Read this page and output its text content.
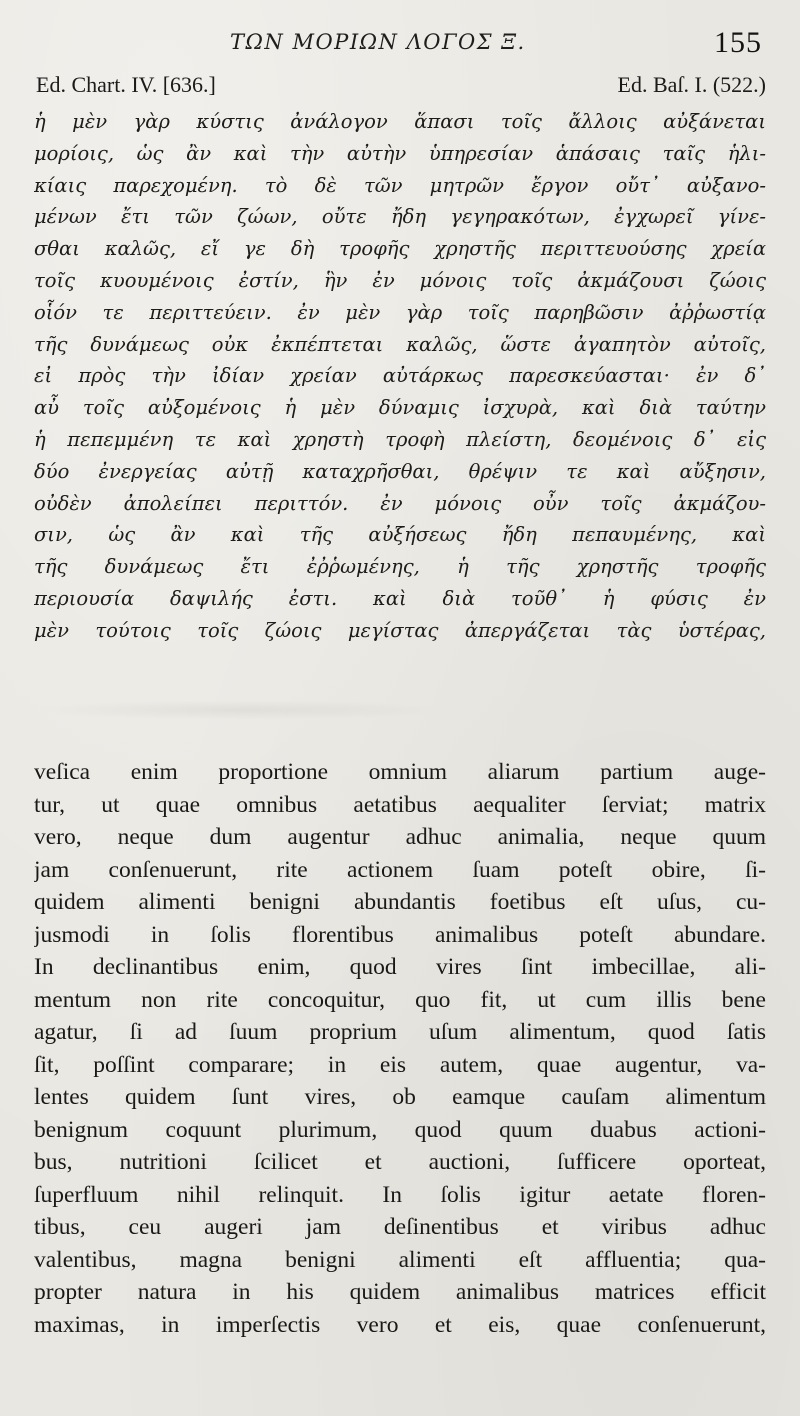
ΤΩΝ ΜΟΡΙΩΝ ΛΟΓΟΣ Ξ.	155
Ed. Chart. IV. [636.]	Ed. Baſ. I. (522.)
ἡ μὲν γὰρ κύστις ἀνάλογον ἅπασι τοῖς ἄλλοις αὐξάνεται
μορίοις, ὡς ἂν καὶ τὴν αὐτὴν ὑπηρεσίαν ἁπάσαις ταῖς ἡλι-
κίαις παρεχομένη. τὸ δὲ τῶν μητρῶν ἔργον οὔτ᾽ αὐξανο-
μένων ἔτι τῶν ζώων, οὔτε ἤδη γεγηρακότων, ἐγχωρεῖ γίνε-
σθαι καλῶς, εἴ γε δὴ τροφῆς χρηστῆς περιττευούσης χρεία
τοῖς κυουμένοις ἐστίν, ἣν ἐν μόνοις τοῖς ἀκμάζουσι ζώοις
οἷόν τε περιττεύειν. ἐν μὲν γὰρ τοῖς παρηβῶσιν ἀῤῥωστίᾳ
τῆς δυνάμεως οὐκ ἐκπέπτεται καλῶς, ὥστε ἀγαπητὸν αὐτοῖς,
εἰ πρὸς τὴν ἰδίαν χρείαν αὐτάρκως παρεσκεύασται· ἐν δ᾽
αὖ τοῖς αὐξομένοις ἡ μὲν δύναμις ἰσχυρὰ, καὶ διὰ ταύτην
ἡ πεπεμμένη τε καὶ χρηστὴ τροφὴ πλείστη, δεομένοις δ᾽ εἰς
δύο ἐνεργείας αὐτῇ καταχρῆσθαι, θρέψιν τε καὶ αὔξησιν,
οὐδὲν ἀπολείπει περιττόν. ἐν μόνοις οὖν τοῖς ἀκμάζου-
σιν, ὡς ἂν καὶ τῆς αὐξήσεως ἤδη πεπαυμένης, καὶ
τῆς δυνάμεως ἔτι ἐῤῥωμένης, ἡ τῆς χρηστῆς τροφῆς
περιουσία δαψιλής ἐστι. καὶ διὰ τοῦθ᾽ ἡ φύσις ἐν
μὲν τούτοις τοῖς ζώοις μεγίστας ἀπεργάζεται τὰς ὑστέρας,
veſica enim proportione omnium aliarum partium auge-
tur, ut quae omnibus aetatibus aequaliter ſerviat; matrix
vero, neque dum augentur adhuc animalia, neque quum
jam conſenuerunt, rite actionem ſuam poteſt obire, ſi-
quidem alimenti benigni abundantis foetibus eſt uſus, cu-
jusmodi in ſolis florentibus animalibus poteſt abundare.
In declinantibus enim, quod vires ſint imbecillae, ali-
mentum non rite concoquitur, quo fit, ut cum illis bene
agatur, ſi ad ſuum proprium uſum alimentum, quod ſatis
ſit, poſſint comparare; in eis autem, quae augentur, va-
lentes quidem ſunt vires, ob eamque cauſam alimentum
benignum coquunt plurimum, quod quum duabus actioni-
bus, nutritioni ſcilicet et auctioni, ſufficere oporteat,
ſuperfluum nihil relinquit. In ſolis igitur aetate floren-
tibus, ceu augeri jam deſinentibus et viribus adhuc
valentibus, magna benigni alimenti eſt affluentia; qua-
propter natura in his quidem animalibus matrices efficit
maximas, in imperſectis vero et eis, quae conſenuerunt,
